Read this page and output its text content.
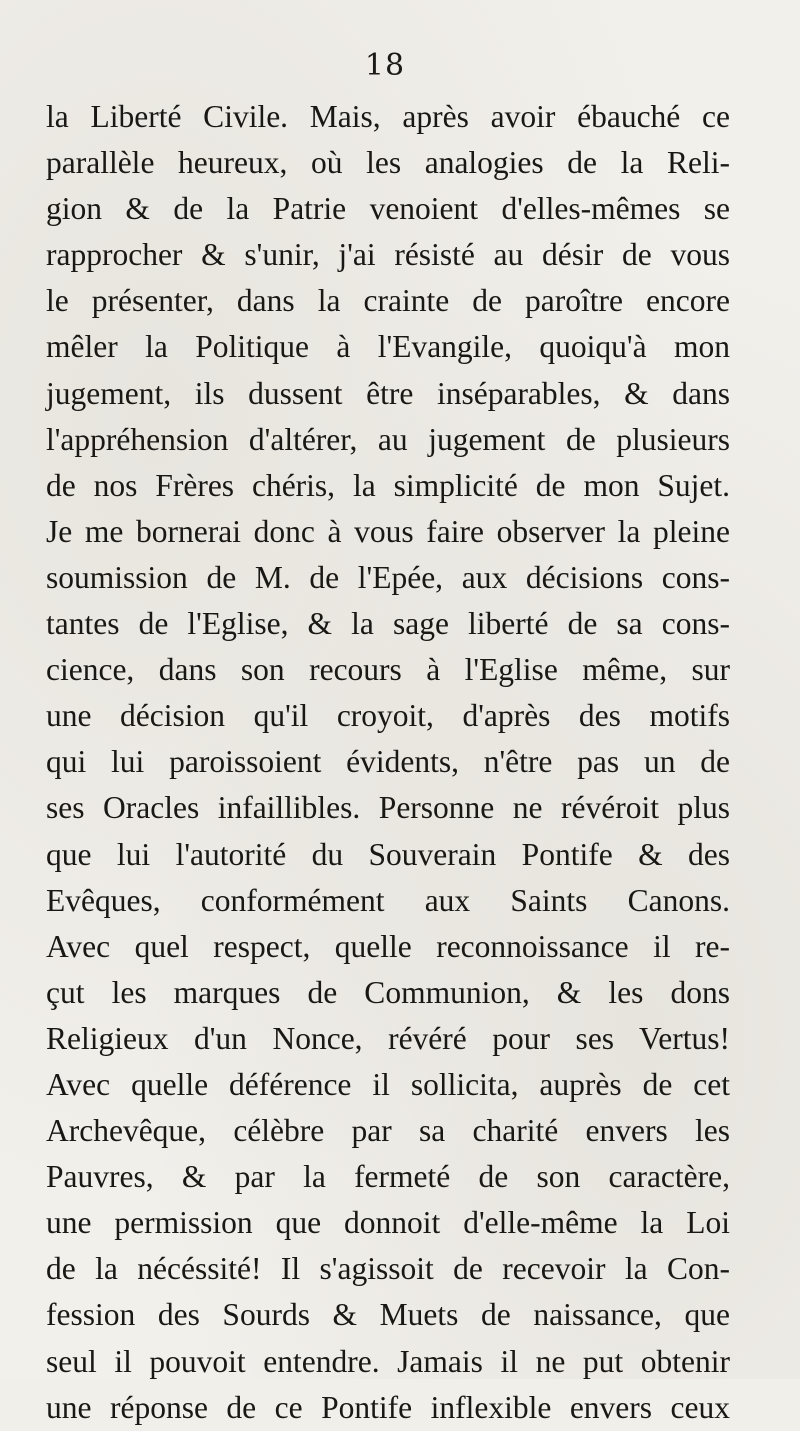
18
la Liberté Civile. Mais, après avoir ébauché ce
parallèle heureux, où les analogies de la Reli-
gion & de la Patrie venoient d'elles-mêmes se
rapprocher & s'unir, j'ai résisté au désir de vous
le présenter, dans la crainte de paroître encore
mêler la Politique à l'Evangile, quoiqu'à mon
jugement, ils dussent être inséparables, & dans
l'appréhension d'altérer, au jugement de plusieurs
de nos Frères chéris, la simplicité de mon Sujet.
Je me bornerai donc à vous faire observer la pleine
soumission de M. de l'Epée, aux décisions cons-
tantes de l'Eglise, & la sage liberté de sa cons-
cience, dans son recours à l'Eglise même, sur
une décision qu'il croyoit, d'après des motifs
qui lui paroissoient évidents, n'être pas un de
ses Oracles infaillibles. Personne ne révéroit plus
que lui l'autorité du Souverain Pontife & des
Evêques, conformément aux Saints Canons.
Avec quel respect, quelle reconnoissance il re-
çut les marques de Communion, & les dons
Religieux d'un Nonce, révéré pour ses Vertus!
Avec quelle déférence il sollicita, auprès de cet
Archevêque, célèbre par sa charité envers les
Pauvres, & par la fermeté de son caractère,
une permission que donnoit d'elle-même la Loi
de la nécéssité! Il s'agissoit de recevoir la Con-
fession des Sourds & Muets de naissance, que
seul il pouvoit entendre. Jamais il ne put obtenir
une réponse de ce Pontife inflexible envers ceux
